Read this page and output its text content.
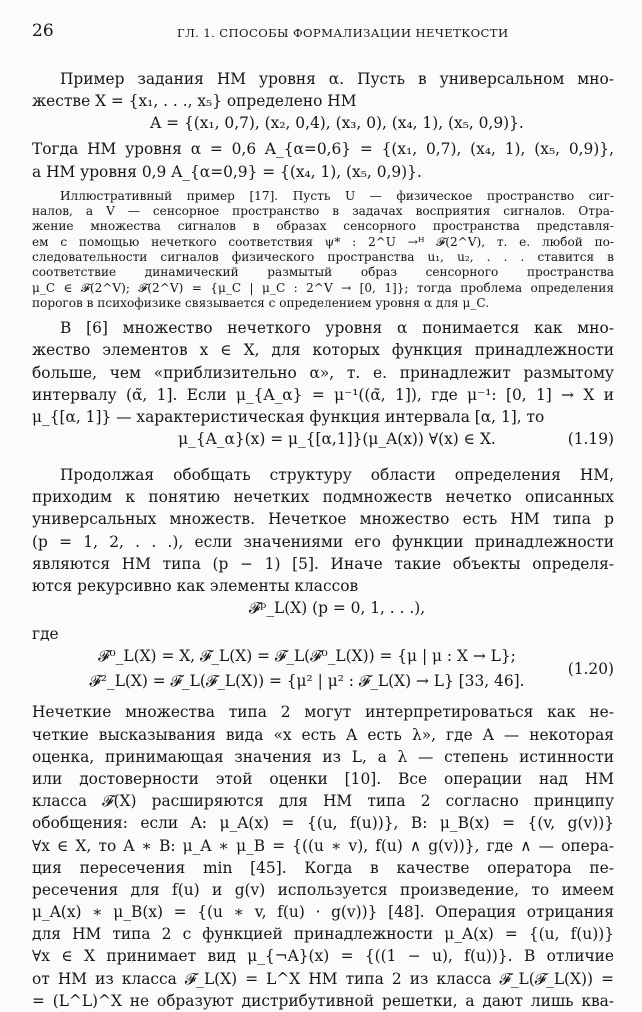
26	ГЛ. 1. СПОСОБЫ ФОРМАЛИЗАЦИИ НЕЧЕТКОСТИ
Пример задания НМ уровня α. Пусть в универсальном мно-
жестве X = {x₁, . . ., x₅} определено НМ
A = {(x₁, 0,7), (x₂, 0,4), (x₃, 0), (x₄, 1), (x₅, 0,9)}.
Тогда НМ уровня α = 0,6 A_{α=0,6} = {(x₁, 0,7), (x₄, 1), (x₅, 0,9)},
а НМ уровня 0,9 A_{α=0,9} = {(x₄, 1), (x₅, 0,9)}.
Иллюстративный пример [17]. Пусть U — физическое пространство сиг-
налов, а V — сенсорное пространство в задачах восприятия сигналов. Отра-
жение множества сигналов в образах сенсорного пространства представля-
ем с помощью нечеткого соответствия ψ* : 2^U →ᴴ 𝓕(2^V), т. е. любой по-
следовательности сигналов физического пространства u₁, u₂, . . . ставится в
соответствие динамический размытый образ сенсорного пространства
μ_C ∈ 𝓕(2^V); 𝓕(2^V) = {μ_C | μ_C : 2^V → [0, 1]}; тогда проблема определения
порогов в психофизике связывается с определением уровня α для μ_C.
В [6] множество нечеткого уровня α понимается как мно-
жество элементов x ∈ X, для которых функция принадлежности
больше, чем «приблизительно α», т. е. принадлежит размытому
интервалу (α̃, 1]. Если μ_{A_α} = μ⁻¹((α̃, 1]), где μ⁻¹: [0, 1] → X и
μ_{[α, 1]} — характеристическая функция интервала [α, 1], то
μ_{A_α}(x) = μ_{[α,1]}(μ_A(x)) ∀(x) ∈ X.	(1.19)
Продолжая обобщать структуру области определения НМ,
приходим к понятию нечетких подмножеств нечетко описанных
универсальных множеств. Нечеткое множество есть НМ типа p
(p = 1, 2, . . .), если значениями его функции принадлежности
являются НМ типа (p − 1) [5]. Иначе такие объекты определя-
ются рекурсивно как элементы классов
𝓕ᵖ_L(X) (p = 0, 1, . . .),
где
𝓕⁰_L(X) = X, 𝓕_L(X) = 𝓕_L(𝓕⁰_L(X)) = {μ | μ : X → L};
𝓕²_L(X) = 𝓕_L(𝓕_L(X)) = {μ² | μ² : 𝓕_L(X) → L} [33, 46].
(1.20)
Нечеткие множества типа 2 могут интерпретироваться как не-
четкие высказывания вида «x есть A есть λ», где A — некоторая
оценка, принимающая значения из L, а λ — степень истинности
или достоверности этой оценки [10]. Все операции над НМ
класса 𝓕(X) расширяются для НМ типа 2 согласно принципу
обобщения: если A: μ_A(x) = {(u, f(u))}, B: μ_B(x) = {(v, g(v))}
∀x ∈ X, то A ∗ B: μ_A ∗ μ_B = {((u ∗ v), f(u) ∧ g(v))}, где ∧ — опера-
ция пересечения min [45]. Когда в качестве оператора пе-
ресечения для f(u) и g(v) используется произведение, то имеем
μ_A(x) ∗ μ_B(x) = {(u ∗ v, f(u) · g(v))} [48]. Операция отрицания
для НМ типа 2 с функцией принадлежности μ_A(x) = {(u, f(u))}
∀x ∈ X принимает вид μ_{¬A}(x) = {((1 − u), f(u))}. В отличие
от НМ из класса 𝓕_L(X) = L^X НМ типа 2 из класса 𝓕_L(𝓕_L(X)) =
= (L^L)^X не образуют дистрибутивной решетки, а дают лишь ква-
